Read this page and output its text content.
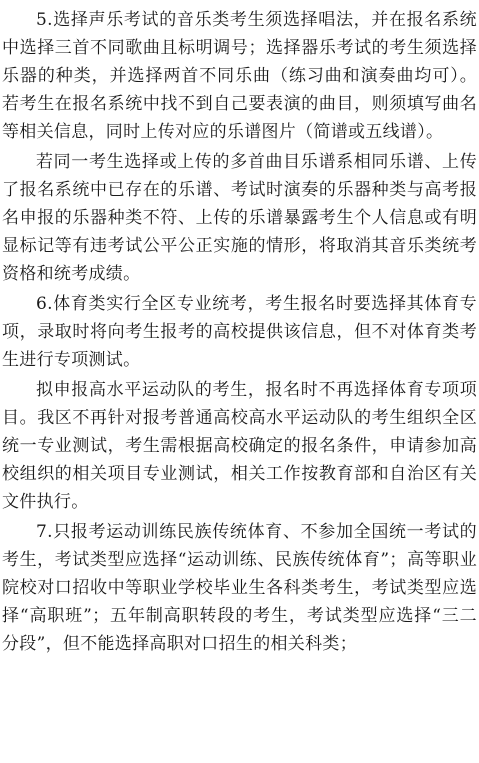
5.选择声乐考试的音乐类考生须选择唱法，并在报名系统中选择三首不同歌曲且标明调号；选择器乐考试的考生须选择乐器的种类，并选择两首不同乐曲（练习曲和演奏曲均可）。若考生在报名系统中找不到自己要表演的曲目，则须填写曲名等相关信息，同时上传对应的乐谱图片（简谱或五线谱）。

若同一考生选择或上传的多首曲目乐谱系相同乐谱、上传了报名系统中已存在的乐谱、考试时演奏的乐器种类与高考报名申报的乐器种类不符、上传的乐谱暴露考生个人信息或有明显标记等有违考试公平公正实施的情形，将取消其音乐类统考资格和统考成绩。

6.体育类实行全区专业统考，考生报名时要选择其体育专项，录取时将向考生报考的高校提供该信息，但不对体育类考生进行专项测试。

拟申报高水平运动队的考生，报名时不再选择体育专项项目。我区不再针对报考普通高校高水平运动队的考生组织全区统一专业测试，考生需根据高校确定的报名条件，申请参加高校组织的相关项目专业测试，相关工作按教育部和自治区有关文件执行。

7.只报考运动训练民族传统体育、不参加全国统一考试的考生，考试类型应选择“运动训练、民族传统体育”；高等职业院校对口招收中等职业学校毕业生各科类考生，考试类型应选择“高职班”；五年制高职转段的考生，考试类型应选择“三二分段”，但不能选择高职对口招生的相关科类；
